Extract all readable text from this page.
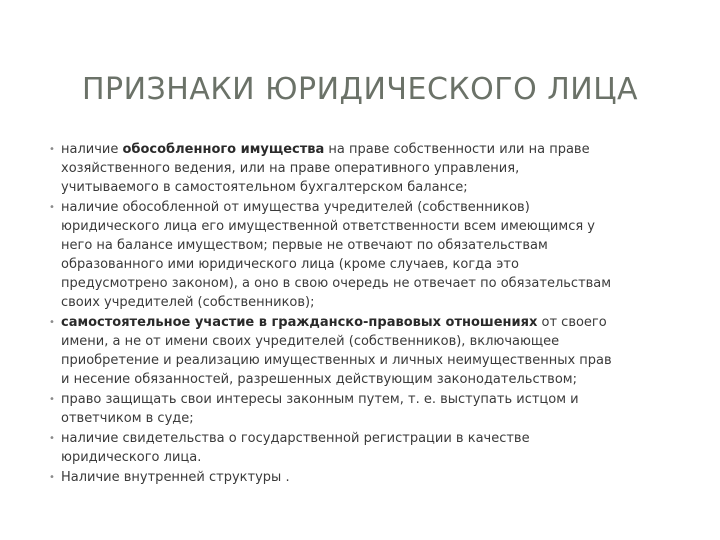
ПРИЗНАКИ ЮРИДИЧЕСКОГО ЛИЦА
• наличие обособленного имущества на праве собственности или на праве
хозяйственного ведения, или на праве оперативного управления,
учитываемого в самостоятельном бухгалтерском балансе;
• наличие обособленной от имущества учредителей (собственников)
юридического лица его имущественной ответственности всем имеющимся у
него на балансе имуществом; первые не отвечают по обязательствам
образованного ими юридического лица (кроме случаев, когда это
предусмотрено законом), а оно в свою очередь не отвечает по обязательствам
своих учредителей (собственников);
• самостоятельное участие в гражданско-правовых отношениях от своего
имени, а не от имени своих учредителей (собственников), включающее
приобретение и реализацию имущественных и личных неимущественных прав
и несение обязанностей, разрешенных действующим законодательством;
• право защищать свои интересы законным путем, т. е. выступать истцом и
ответчиком в суде;
• наличие свидетельства о государственной регистрации в качестве
юридического лица.
• Наличие внутренней структуры .
